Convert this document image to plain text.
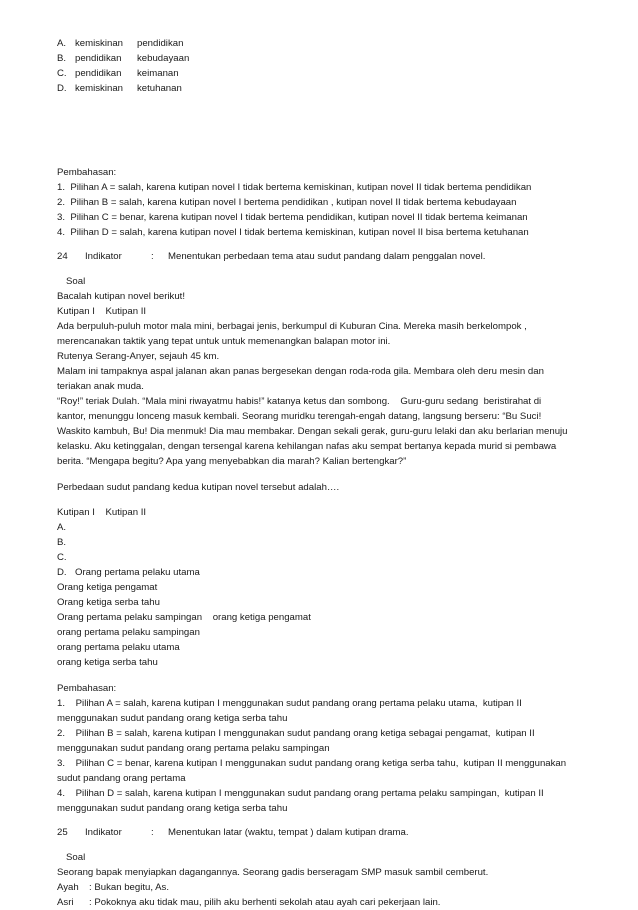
A. kemiskinan pendidikan
B. pendidikan kebudayaan
C. pendidikan keimanan
D. kemiskinan ketuhanan
Pembahasan:
1.  Pilihan A = salah, karena kutipan novel I tidak bertema kemiskinan, kutipan novel II tidak bertema pendidikan
2.  Pilihan B = salah, karena kutipan novel I bertema pendidikan , kutipan novel II tidak bertema kebudayaan
3.  Pilihan C = benar, karena kutipan novel I tidak bertema pendidikan, kutipan novel II tidak bertema keimanan
4.  Pilihan D = salah, karena kutipan novel I tidak bertema kemiskinan, kutipan novel II bisa bertema ketuhanan
24 Indikator	: Menentukan perbedaan tema atau sudut pandang dalam penggalan novel.
Soal
Bacalah kutipan novel berikut!
Kutipan I    Kutipan II
Ada berpuluh-puluh motor mala mini, berbagai jenis, berkumpul di Kuburan Cina. Mereka masih berkelompok ,
merencanakan taktik yang tepat untuk untuk memenangkan balapan motor ini.
Rutenya Serang-Anyer, sejauh 45 km.
Malam ini tampaknya aspal jalanan akan panas bergesekan dengan roda-roda gila. Membara oleh deru mesin dan
teriakan anak muda.
“Roy!” teriak Dulah. “Mala mini riwayatmu habis!” katanya ketus dan sombong.    Guru-guru sedang  beristirahat di
kantor, menunggu lonceng masuk kembali. Seorang muridku terengah-engah datang, langsung berseru: “Bu Suci!
Waskito kambuh, Bu! Dia menmuk! Dia mau membakar. Dengan sekali gerak, guru-guru lelaki dan aku berlarian menuju
kelasku. Aku ketinggalan, dengan tersengal karena kehilangan nafas aku sempat bertanya kepada murid si pembawa
berita. “Mengapa begitu? Apa yang menyebabkan dia marah? Kalian bertengkar?”
Perbedaan sudut pandang kedua kutipan novel tersebut adalah….
Kutipan I    Kutipan II
A.
B.
C.
D. Orang pertama pelaku utama
Orang ketiga pengamat
Orang ketiga serba tahu
Orang pertama pelaku sampingan    orang ketiga pengamat
orang pertama pelaku sampingan
orang pertama pelaku utama
orang ketiga serba tahu
Pembahasan:
1.    Pilihan A = salah, karena kutipan I menggunakan sudut pandang orang pertama pelaku utama,  kutipan II
menggunakan sudut pandang orang ketiga serba tahu
2.    Pilihan B = salah, karena kutipan I menggunakan sudut pandang orang ketiga sebagai pengamat,  kutipan II
menggunakan sudut pandang orang pertama pelaku sampingan
3.    Pilihan C = benar, karena kutipan I menggunakan sudut pandang orang ketiga serba tahu,  kutipan II menggunakan
sudut pandang orang pertama
4.    Pilihan D = salah, karena kutipan I menggunakan sudut pandang orang pertama pelaku sampingan,  kutipan II
menggunakan sudut pandang orang ketiga serba tahu
25 Indikator	: Menentukan latar (waktu, tempat ) dalam kutipan drama.
Soal
Seorang bapak menyiapkan dagangannya. Seorang gadis berseragam SMP masuk sambil cemberut.
Ayah : Bukan begitu, As.
Asri : Pokoknya aku tidak mau, pilih aku berhenti sekolah atau ayah cari pekerjaan lain.
